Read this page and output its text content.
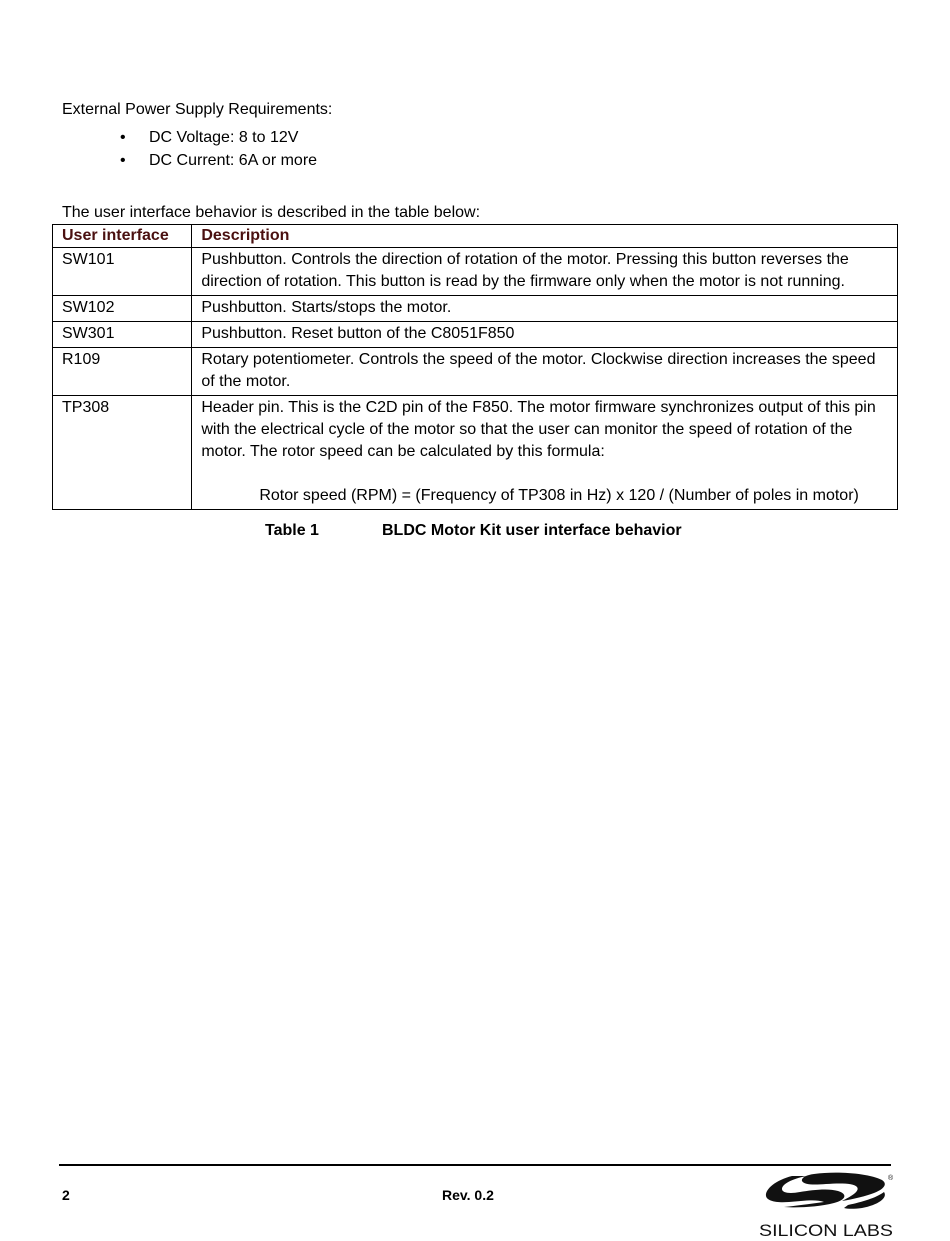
External Power Supply Requirements:
• DC Voltage: 8 to 12V
• DC Current: 6A or more
The user interface behavior is described in the table below:
User interface	Description
SW101	Pushbutton. Controls the direction of rotation of the motor. Pressing this button reverses the direction of rotation. This button is read by the firmware only when the motor is not running.
SW102	Pushbutton. Starts/stops the motor.
SW301	Pushbutton. Reset button of the C8051F850
R109	Rotary potentiometer. Controls the speed of the motor. Clockwise direction increases the speed of the motor.
TP308	Header pin. This is the C2D pin of the F850. The motor firmware synchronizes output of this pin with the electrical cycle of the motor so that the user can monitor the speed of rotation of the motor. The rotor speed can be calculated by this formula:
Rotor speed (RPM) = (Frequency of TP308 in Hz) x 120 / (Number of poles in motor)
Table 1	BLDC Motor Kit user interface behavior
2	Rev. 0.2
®
SILICON LABS
